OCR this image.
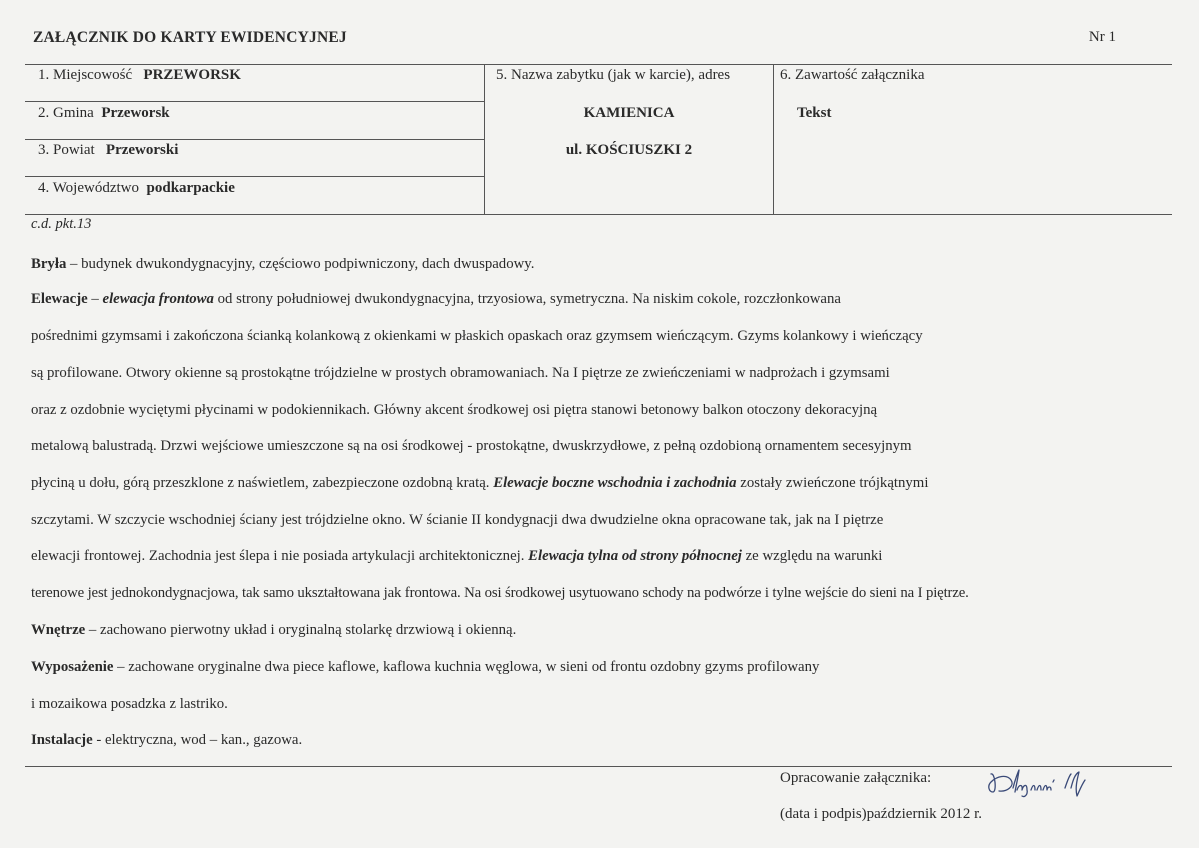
ZAŁĄCZNIK DO KARTY EWIDENCYJNEJ	Nr 1
1. Miejscowość PRZEWORSK
2. Gmina Przeworsk
3. Powiat Przeworski
4. Województwo podkarpackie
5. Nazwa zabytku (jak w karcie), adres
KAMIENICA
ul. KOŚCIUSZKI 2
6. Zawartość załącznika
Tekst
c.d. pkt.13
Bryła – budynek dwukondygnacyjny, częściowo podpiwniczony, dach dwuspadowy.
Elewacje – elewacja frontowa od strony południowej dwukondygnacyjna, trzyosiowa, symetryczna. Na niskim cokole, rozczłonkowana
pośrednimi gzymsami i zakończona ścianką kolankową z okienkami w płaskich opaskach oraz gzymsem wieńczącym. Gzyms kolankowy i wieńczący
są profilowane. Otwory okienne są prostokątne trójdzielne w prostych obramowaniach. Na I piętrze ze zwieńczeniami w nadprożach i gzymsami
oraz z ozdobnie wyciętymi płycinami w podokiennikach. Główny akcent środkowej osi piętra stanowi betonowy balkon otoczony dekoracyjną
metalową balustradą. Drzwi wejściowe umieszczone są na osi środkowej - prostokątne, dwuskrzydłowe, z pełną ozdobioną ornamentem secesyjnym
płyciną u dołu, górą przeszklone z naświetlem, zabezpieczone ozdobną kratą. Elewacje boczne wschodnia i zachodnia zostały zwieńczone trójkątnymi
szczytami. W szczycie wschodniej ściany jest trójdzielne okno. W ścianie II kondygnacji dwa dwudzielne okna opracowane tak, jak na I piętrze
elewacji frontowej. Zachodnia jest ślepa i nie posiada artykulacji architektonicznej. Elewacja tylna od strony północnej ze względu na warunki
terenowe jest jednokondygnacjowa, tak samo ukształtowana jak frontowa. Na osi środkowej usytuowano schody na podwórze i tylne wejście do sieni na I piętrze.
Wnętrze – zachowano pierwotny układ i oryginalną stolarkę drzwiową i okienną.
Wyposażenie – zachowane oryginalne dwa piece kaflowe, kaflowa kuchnia węglowa, w sieni od frontu ozdobny gzyms profilowany
i mozaikowa posadzka z lastriko.
Instalacje - elektryczna, wod – kan., gazowa.
Opracowanie załącznika:
(data i podpis)październik 2012 r.
